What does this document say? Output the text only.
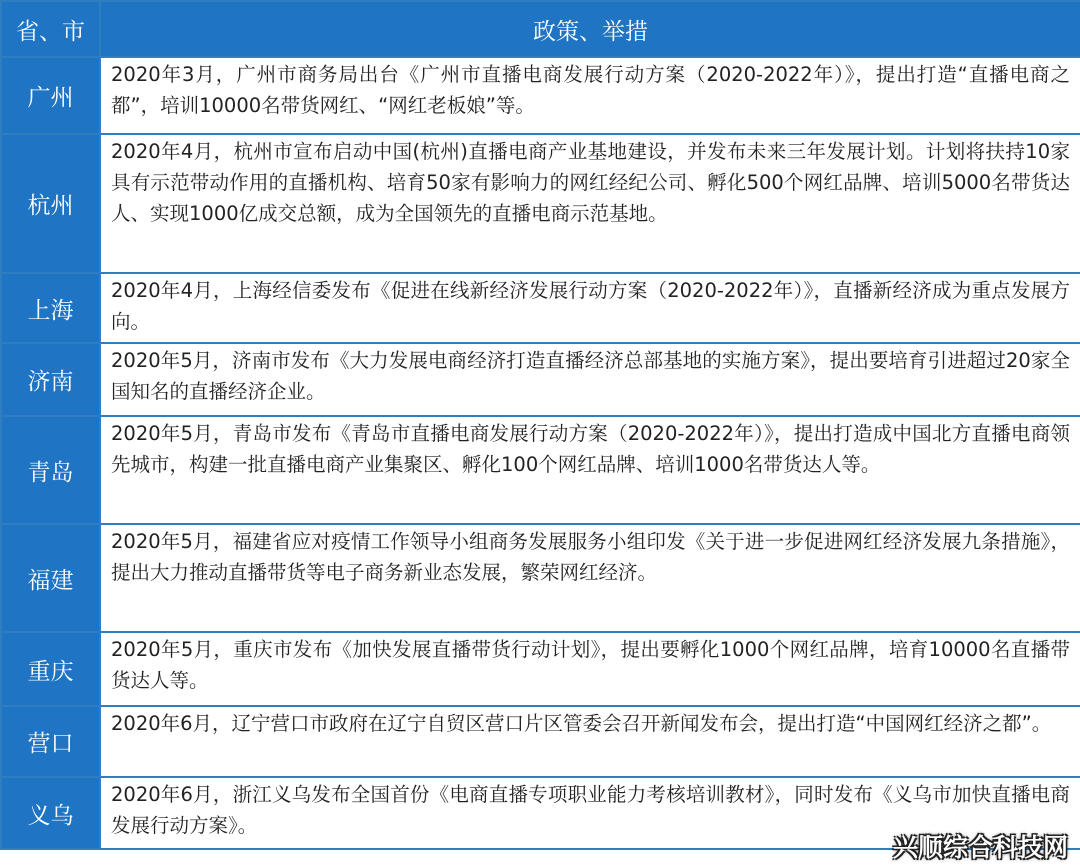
省、市	政策、举措
广州	2020年3月，广州市商务局出台《广州市直播电商发展行动方案（2020-2022年）》，提出打造“直播电商之都”，培训10000名带货网红、“网红老板娘”等。
杭州	2020年4月，杭州市宣布启动中国(杭州)直播电商产业基地建设，并发布未来三年发展计划。计划将扶持10家具有示范带动作用的直播机构、培育50家有影响力的网红经纪公司、孵化500个网红品牌、培训5000名带货达人、实现1000亿成交总额，成为全国领先的直播电商示范基地。
上海	2020年4月，上海经信委发布《促进在线新经济发展行动方案（2020-2022年）》，直播新经济成为重点发展方向。
济南	2020年5月，济南市发布《大力发展电商经济打造直播经济总部基地的实施方案》，提出要培育引进超过20家全国知名的直播经济企业。
青岛	2020年5月，青岛市发布《青岛市直播电商发展行动方案（2020-2022年）》，提出打造成中国北方直播电商领先城市，构建一批直播电商产业集聚区、孵化100个网红品牌、培训1000名带货达人等。
福建	2020年5月，福建省应对疫情工作领导小组商务发展服务小组印发《关于进一步促进网红经济发展九条措施》，提出大力推动直播带货等电子商务新业态发展，繁荣网红经济。
重庆	2020年5月，重庆市发布《加快发展直播带货行动计划》，提出要孵化1000个网红品牌，培育10000名直播带货达人等。
营口	2020年6月，辽宁营口市政府在辽宁自贸区营口片区管委会召开新闻发布会，提出打造“中国网红经济之都”。
义乌	2020年6月，浙江义乌发布全国首份《电商直播专项职业能力考核培训教材》，同时发布《义乌市加快直播电商发展行动方案》。
兴顺综合科技网
